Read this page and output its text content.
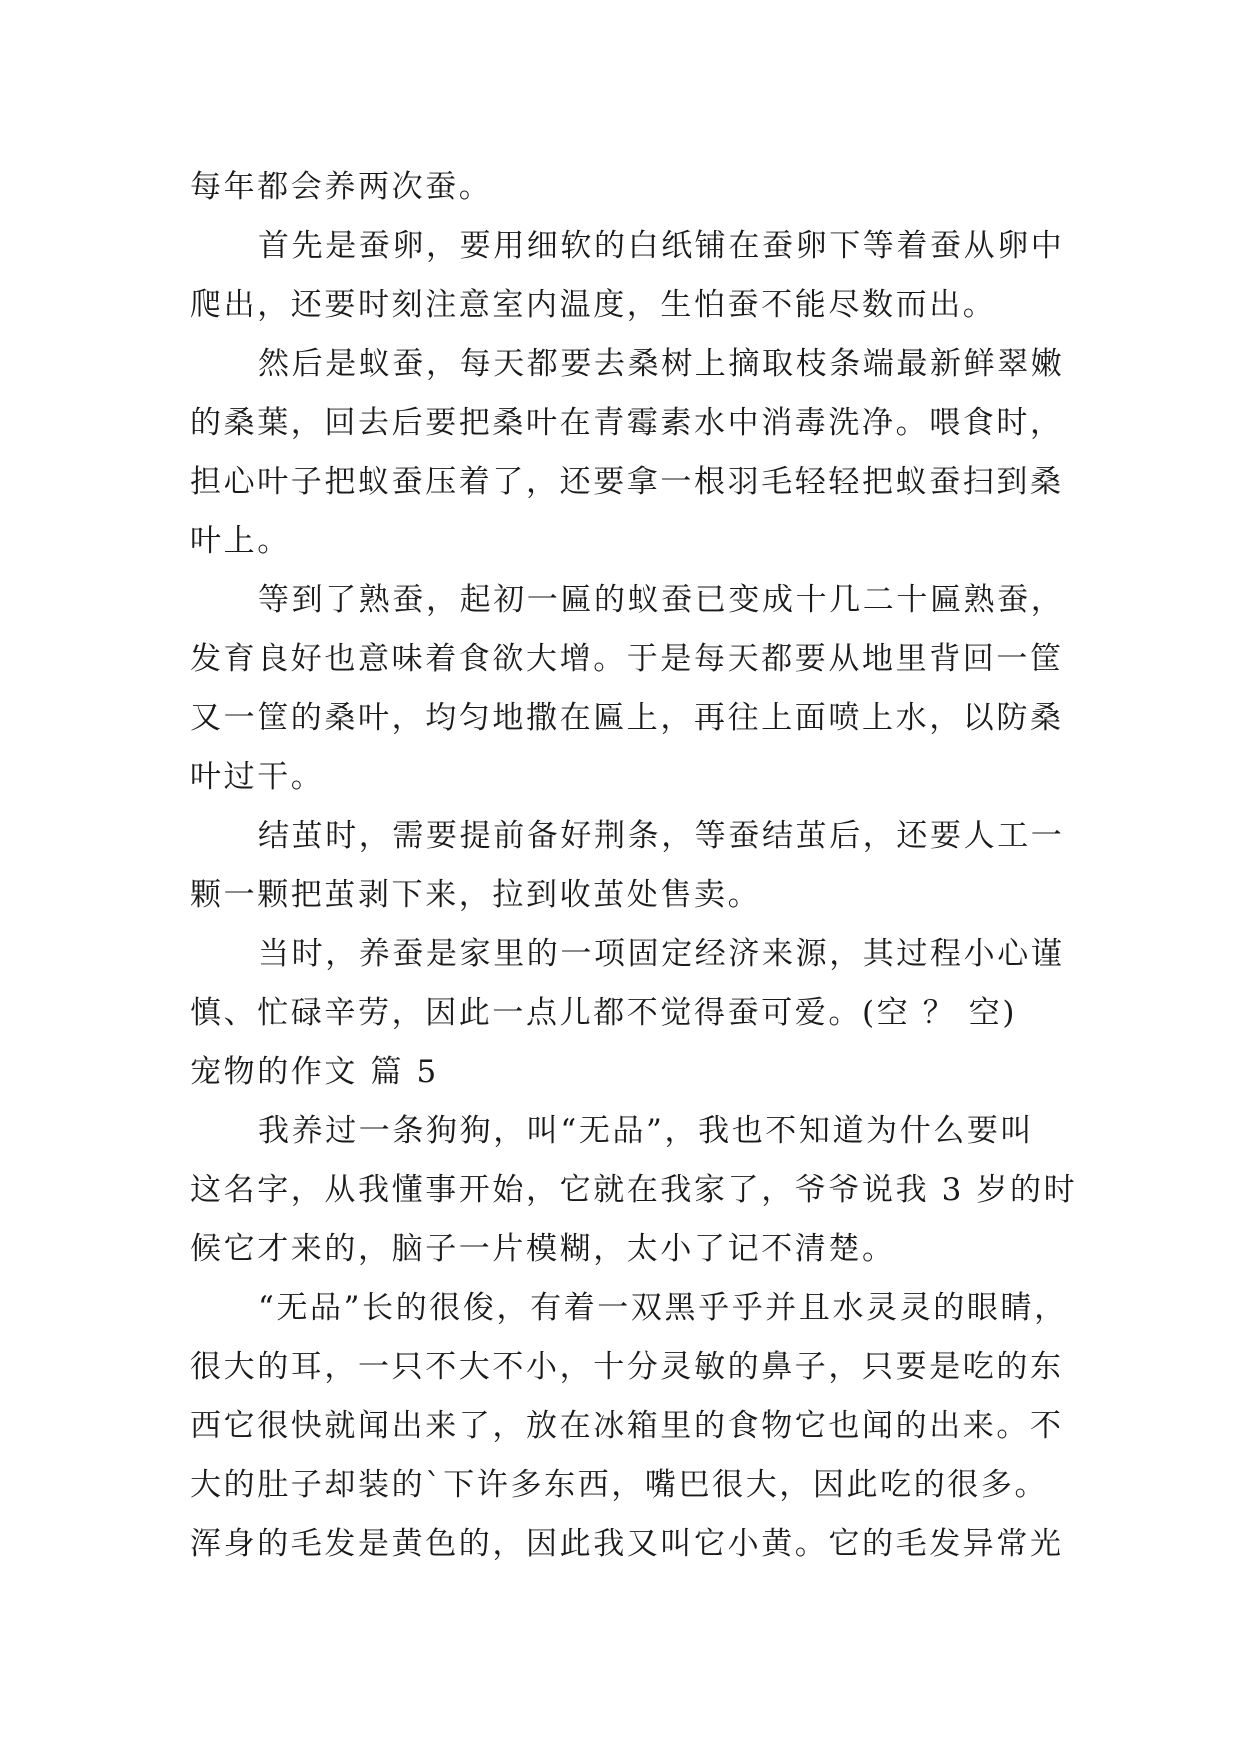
每年都会养两次蚕。
首先是蚕卵，要用细软的白纸铺在蚕卵下等着蚕从卵中
爬出，还要时刻注意室内温度，生怕蚕不能尽数而出。
然后是蚁蚕，每天都要去桑树上摘取枝条端最新鲜翠嫩
的桑葉，回去后要把桑叶在青霉素水中消毒洗净。喂食时，
担心叶子把蚁蚕压着了，还要拿一根羽毛轻轻把蚁蚕扫到桑
叶上。
等到了熟蚕，起初一匾的蚁蚕已变成十几二十匾熟蚕，
发育良好也意味着食欲大增。于是每天都要从地里背回一筐
又一筐的桑叶，均匀地撒在匾上，再往上面喷上水，以防桑
叶过干。
结茧时，需要提前备好荆条，等蚕结茧后，还要人工一
颗一颗把茧剥下来，拉到收茧处售卖。
当时，养蚕是家里的一项固定经济来源，其过程小心谨
慎、忙碌辛劳，因此一点儿都不觉得蚕可爱。(空 ？ 空)
宠物的作文 篇 5
我养过一条狗狗，叫“无品”，我也不知道为什么要叫
这名字，从我懂事开始，它就在我家了，爷爷说我 3 岁的时
候它才来的，脑子一片模糊，太小了记不清楚。
“无品”长的很俊，有着一双黑乎乎并且水灵灵的眼睛，
很大的耳，一只不大不小，十分灵敏的鼻子，只要是吃的东
西它很快就闻出来了，放在冰箱里的食物它也闻的出来。不
大的肚子却装的`下许多东西，嘴巴很大，因此吃的很多。
浑身的毛发是黄色的，因此我又叫它小黄。它的毛发异常光
